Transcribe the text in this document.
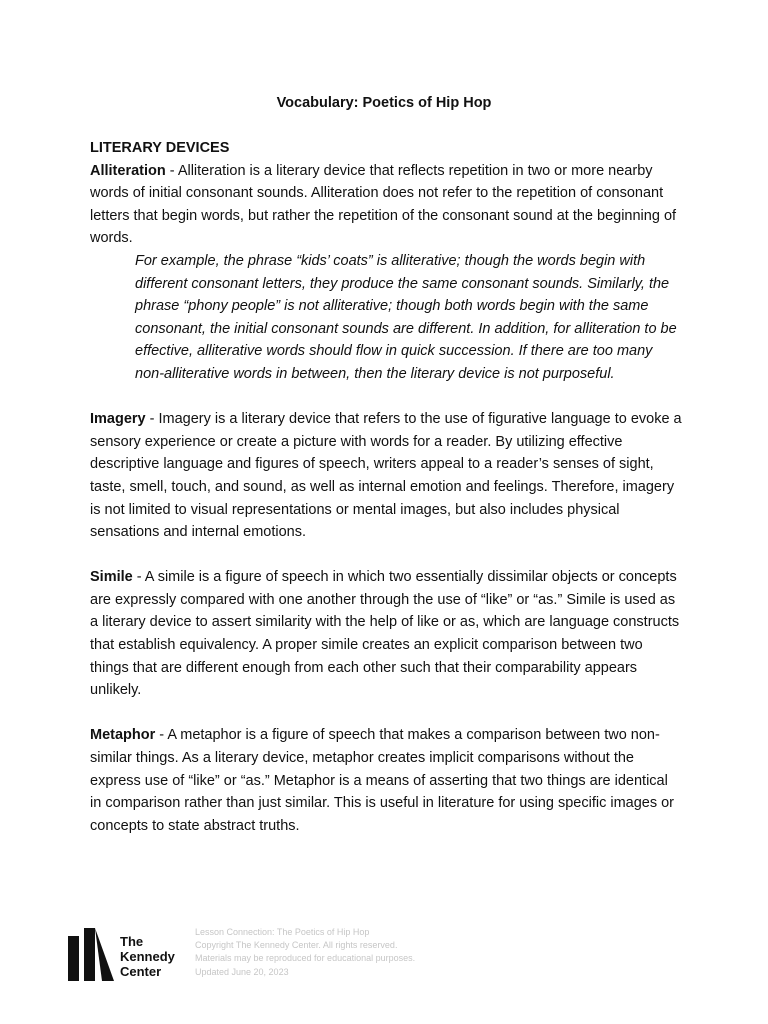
Vocabulary: Poetics of Hip Hop

LITERARY DEVICES

Alliteration - Alliteration is a literary device that reflects repetition in two or more nearby words of initial consonant sounds. Alliteration does not refer to the repetition of consonant letters that begin words, but rather the repetition of the consonant sound at the beginning of words.

For example, the phrase “kids’ coats” is alliterative; though the words begin with different consonant letters, they produce the same consonant sounds. Similarly, the phrase “phony people” is not alliterative; though both words begin with the same consonant, the initial consonant sounds are different. In addition, for alliteration to be effective, alliterative words should flow in quick succession. If there are too many non-alliterative words in between, then the literary device is not purposeful.

Imagery - Imagery is a literary device that refers to the use of figurative language to evoke a sensory experience or create a picture with words for a reader. By utilizing effective descriptive language and figures of speech, writers appeal to a reader’s senses of sight, taste, smell, touch, and sound, as well as internal emotion and feelings. Therefore, imagery is not limited to visual representations or mental images, but also includes physical sensations and internal emotions.

Simile - A simile is a figure of speech in which two essentially dissimilar objects or concepts are expressly compared with one another through the use of “like” or “as.” Simile is used as a literary device to assert similarity with the help of like or as, which are language constructs that establish equivalency. A proper simile creates an explicit comparison between two things that are different enough from each other such that their comparability appears unlikely.

Metaphor - A metaphor is a figure of speech that makes a comparison between two non-similar things. As a literary device, metaphor creates implicit comparisons without the express use of “like” or “as.” Metaphor is a means of asserting that two things are identical in comparison rather than just similar. This is useful in literature for using specific images or concepts to state abstract truths.

The
Kennedy
Center
Lesson Connection: The Poetics of Hip Hop
Copyright The Kennedy Center. All rights reserved.
Materials may be reproduced for educational purposes.
Updated June 20, 2023
